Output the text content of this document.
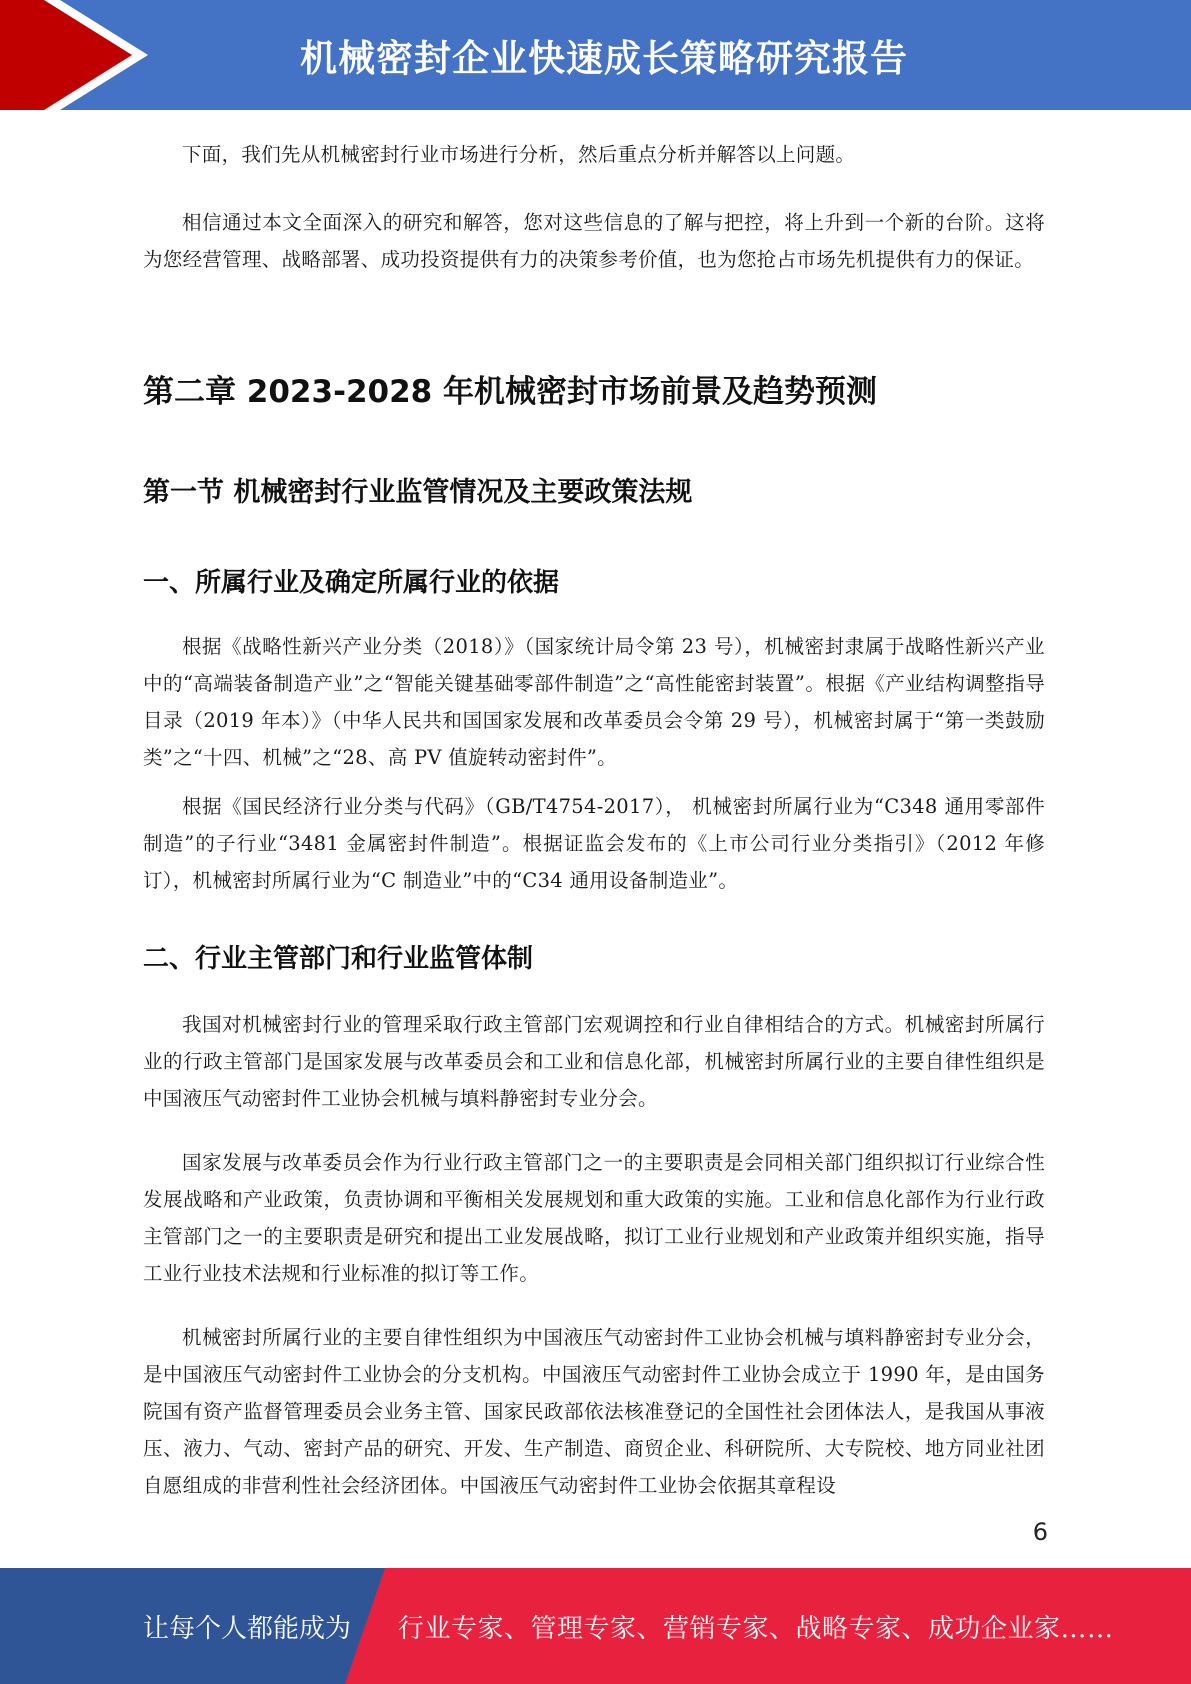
机械密封企业快速成长策略研究报告

下面，我们先从机械密封行业市场进行分析，然后重点分析并解答以上问题。

相信通过本文全面深入的研究和解答，您对这些信息的了解与把控，将上升到一个新的台阶。这将为您经营管理、战略部署、成功投资提供有力的决策参考价值，也为您抢占市场先机提供有力的保证。

第二章 2023-2028 年机械密封市场前景及趋势预测
第一节 机械密封行业监管情况及主要政策法规
一、所属行业及确定所属行业的依据

根据《战略性新兴产业分类（2018）》（国家统计局令第 23 号），机械密封隶属于战略性新兴产业中的“高端装备制造产业”之“智能关键基础零部件制造”之“高性能密封装置”。根据《产业结构调整指导目录（2019 年本）》（中华人民共和国国家发展和改革委员会令第 29 号），机械密封属于“第一类鼓励类”之“十四、机械”之“28、高 PV 值旋转动密封件”。

根据《国民经济行业分类与代码》（GB/T4754-2017）， 机械密封所属行业为“C348 通用零部件制造”的子行业“3481 金属密封件制造”。根据证监会发布的《上市公司行业分类指引》（2012 年修订），机械密封所属行业为“C 制造业”中的“C34 通用设备制造业”。

二、行业主管部门和行业监管体制

我国对机械密封行业的管理采取行政主管部门宏观调控和行业自律相结合的方式。机械密封所属行业的行政主管部门是国家发展与改革委员会和工业和信息化部，机械密封所属行业的主要自律性组织是中国液压气动密封件工业协会机械与填料静密封专业分会。

国家发展与改革委员会作为行业行政主管部门之一的主要职责是会同相关部门组织拟订行业综合性发展战略和产业政策，负责协调和平衡相关发展规划和重大政策的实施。工业和信息化部作为行业行政主管部门之一的主要职责是研究和提出工业发展战略，拟订工业行业规划和产业政策并组织实施，指导工业行业技术法规和行业标准的拟订等工作。

机械密封所属行业的主要自律性组织为中国液压气动密封件工业协会机械与填料静密封专业分会，是中国液压气动密封件工业协会的分支机构。中国液压气动密封件工业协会成立于 1990 年，是由国务院国有资产监督管理委员会业务主管、国家民政部依法核准登记的全国性社会团体法人，是我国从事液压、液力、气动、密封产品的研究、开发、生产制造、商贸企业、科研院所、大专院校、地方同业社团自愿组成的非营利性社会经济团体。中国液压气动密封件工业协会依据其章程设

6
让每个人都能成为 行业专家、管理专家、营销专家、战略专家、成功企业家……
